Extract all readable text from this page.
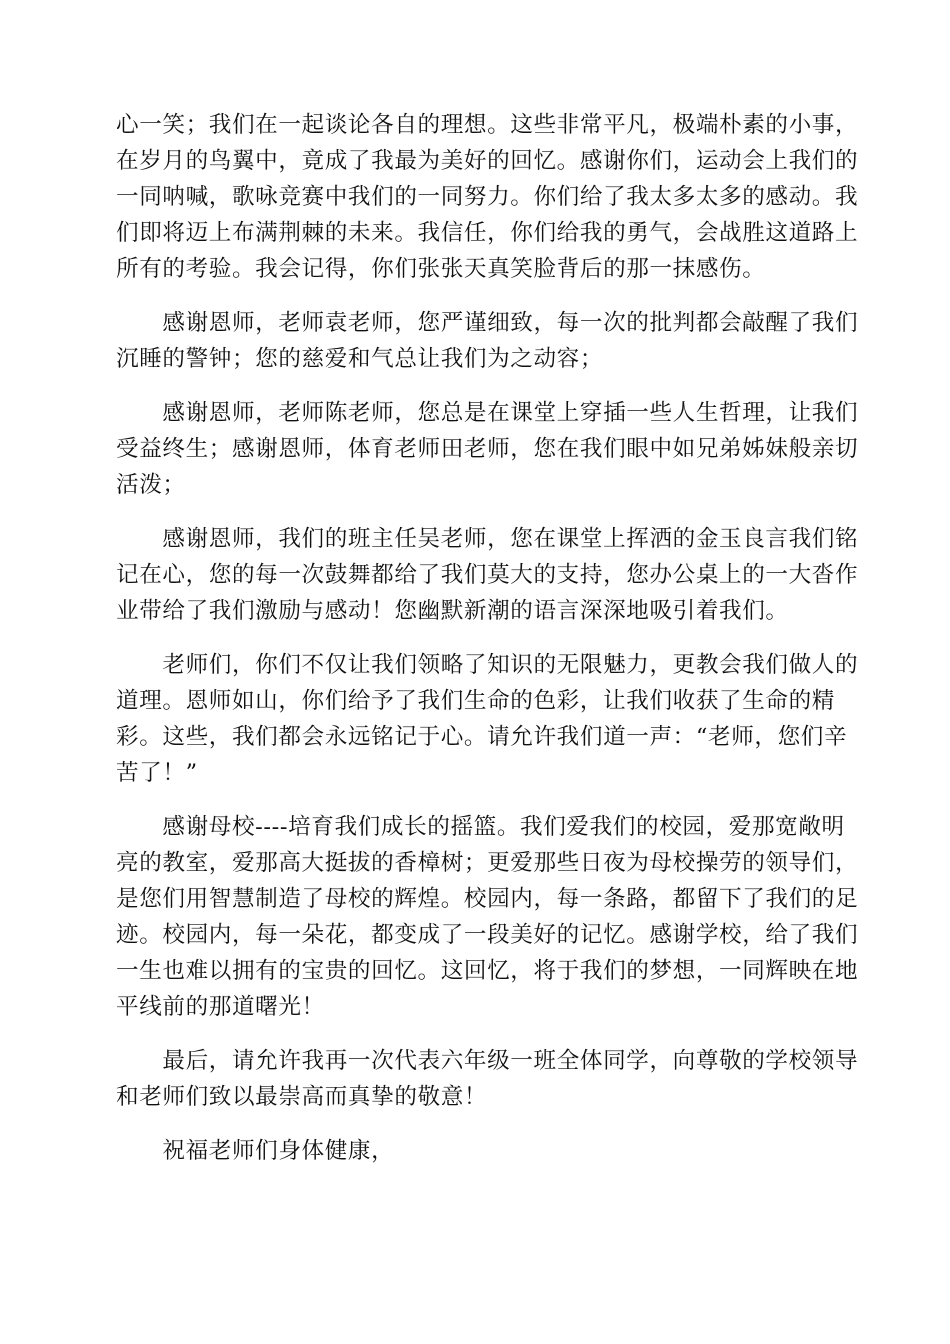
心一笑；我们在一起谈论各自的理想。这些非常平凡，极端朴素的小事，
在岁月的鸟翼中，竟成了我最为美好的回忆。感谢你们，运动会上我们的
一同呐喊，歌咏竞赛中我们的一同努力。你们给了我太多太多的感动。我
们即将迈上布满荆棘的未来。我信任，你们给我的勇气，会战胜这道路上
所有的考验。我会记得，你们张张天真笑脸背后的那一抹感伤。
　　感谢恩师，老师袁老师，您严谨细致，每一次的批判都会敲醒了我们
沉睡的警钟；您的慈爱和气总让我们为之动容；
　　感谢恩师，老师陈老师，您总是在课堂上穿插一些人生哲理，让我们
受益终生；感谢恩师，体育老师田老师，您在我们眼中如兄弟姊妹般亲切
活泼；
　　感谢恩师，我们的班主任吴老师，您在课堂上挥洒的金玉良言我们铭
记在心，您的每一次鼓舞都给了我们莫大的支持，您办公桌上的一大沓作
业带给了我们激励与感动！您幽默新潮的语言深深地吸引着我们。
　　老师们，你们不仅让我们领略了知识的无限魅力，更教会我们做人的
道理。恩师如山，你们给予了我们生命的色彩，让我们收获了生命的精
彩。这些，我们都会永远铭记于心。请允许我们道一声：“老师，您们辛
苦了！”
　　感谢母校----培育我们成长的摇篮。我们爱我们的校园，爱那宽敞明
亮的教室，爱那高大挺拔的香樟树；更爱那些日夜为母校操劳的领导们，
是您们用智慧制造了母校的辉煌。校园内，每一条路，都留下了我们的足
迹。校园内，每一朵花，都变成了一段美好的记忆。感谢学校，给了我们
一生也难以拥有的宝贵的回忆。这回忆，将于我们的梦想，一同辉映在地
平线前的那道曙光！
　　最后，请允许我再一次代表六年级一班全体同学，向尊敬的学校领导
和老师们致以最崇高而真挚的敬意！
　　祝福老师们身体健康，
